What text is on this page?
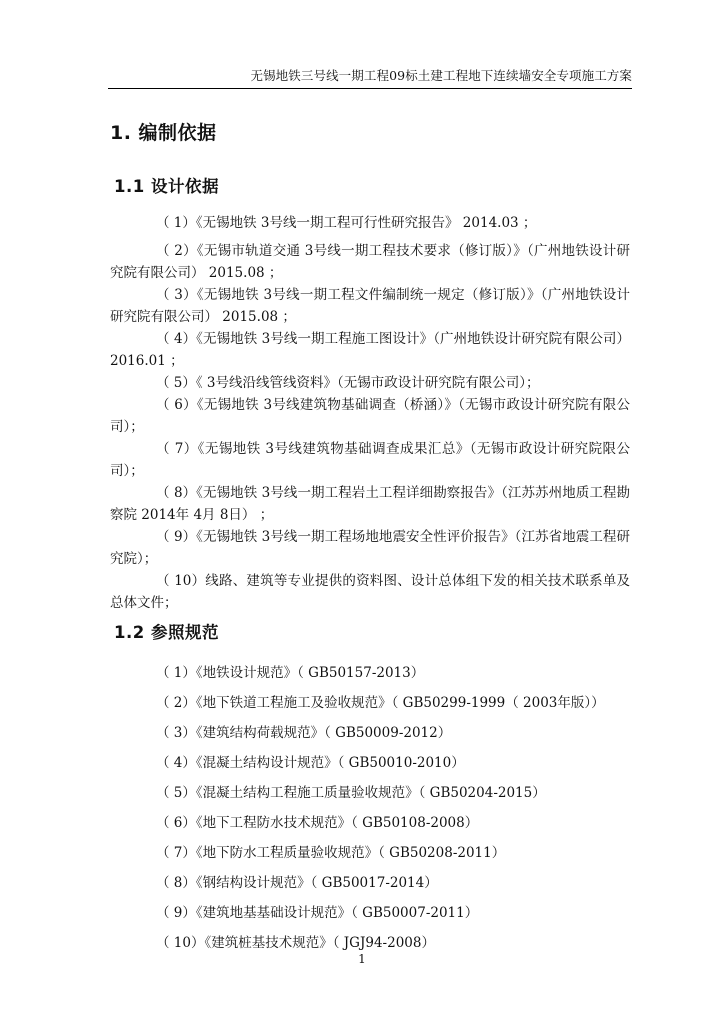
无锡地铁三号线一期工程09标土建工程地下连续墙安全专项施工方案
1. 编制依据
1.1 设计依据

（ 1）《无锡地铁 3号线一期工程可行性研究报告》 2014.03 ；

（ 2）《无锡市轨道交通 3号线一期工程技术要求（修订版）》（广州地铁设计研究院有限公司） 2015.08 ；

（ 3）《无锡地铁 3号线一期工程文件编制统一规定（修订版）》（广州地铁设计研究院有限公司） 2015.08 ；

（ 4）《无锡地铁 3号线一期工程施工图设计》（广州地铁设计研究院有限公司） 2016.01 ；

（ 5）《 3号线沿线管线资料》（无锡市政设计研究院有限公司）；

（ 6）《无锡地铁 3号线建筑物基础调查（桥涵）》（无锡市政设计研究院有限公司）；

（ 7）《无锡地铁 3号线建筑物基础调查成果汇总》（无锡市政设计研究院限公司）；

（ 8）《无锡地铁 3号线一期工程岩土工程详细勘察报告》（江苏苏州地质工程勘察院 2014年 4月 8日） ；

（ 9）《无锡地铁 3号线一期工程场地地震安全性评价报告》（江苏省地震工程研究院）；

（ 10）线路、建筑等专业提供的资料图、设计总体组下发的相关技术联系单及总体文件；

1.2 参照规范

（ 1）《地铁设计规范》（ GB50157-2013）

（ 2）《地下铁道工程施工及验收规范》（ GB50299-1999（ 2003年版））

（ 3）《建筑结构荷载规范》（ GB50009-2012）

（ 4）《混凝土结构设计规范》（ GB50010-2010）

（ 5）《混凝土结构工程施工质量验收规范》（ GB50204-2015）

（ 6）《地下工程防水技术规范》（ GB50108-2008）

（ 7）《地下防水工程质量验收规范》（ GB50208-2011）

（ 8）《钢结构设计规范》（ GB50017-2014）

（ 9）《建筑地基基础设计规范》（ GB50007-2011）

（ 10）《建筑桩基技术规范》（ JGJ94-2008）

1
